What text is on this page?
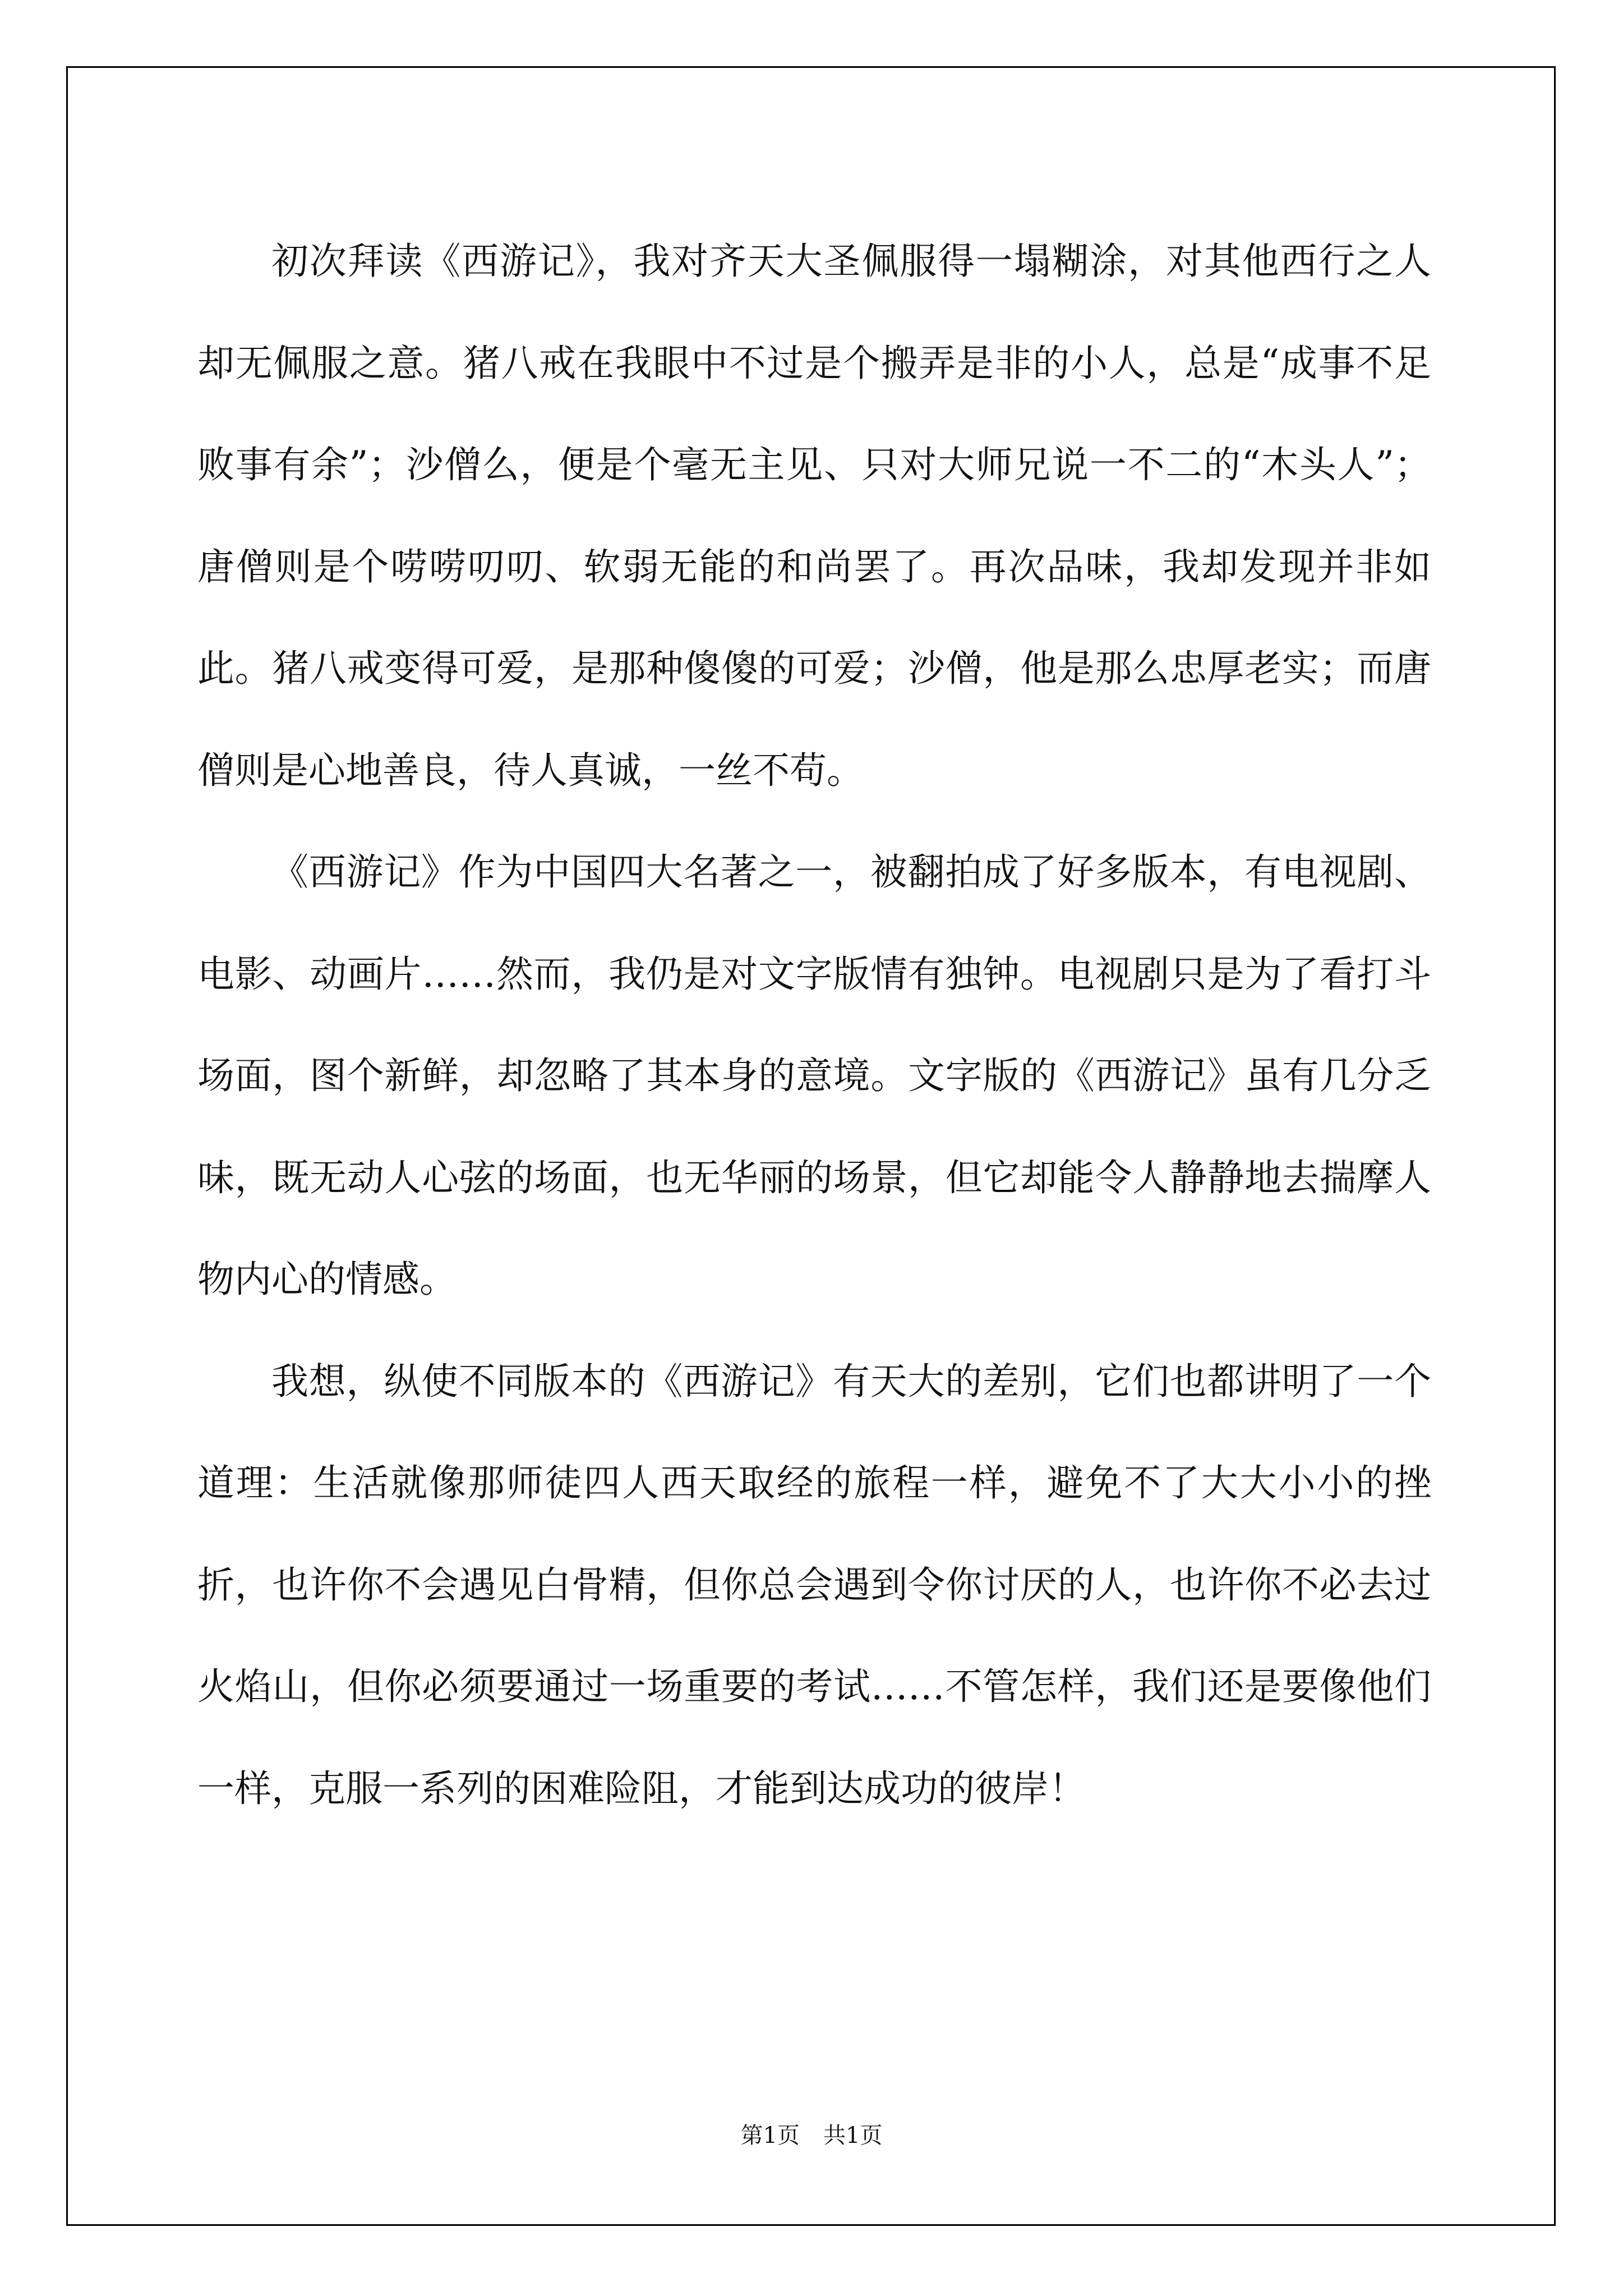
初次拜读《西游记》，我对齐天大圣佩服得一塌糊涂，对其他西行之人却无佩服之意。猪八戒在我眼中不过是个搬弄是非的小人，总是“成事不足败事有余”；沙僧么，便是个毫无主见、只对大师兄说一不二的“木头人”；唐僧则是个唠唠叨叨、软弱无能的和尚罢了。再次品味，我却发现并非如此。猪八戒变得可爱，是那种傻傻的可爱；沙僧，他是那么忠厚老实；而唐僧则是心地善良，待人真诚，一丝不苟。

《西游记》作为中国四大名著之一，被翻拍成了好多版本，有电视剧、电影、动画片……然而，我仍是对文字版情有独钟。电视剧只是为了看打斗场面，图个新鲜，却忽略了其本身的意境。文字版的《西游记》虽有几分乏味，既无动人心弦的场面，也无华丽的场景，但它却能令人静静地去揣摩人物内心的情感。

我想，纵使不同版本的《西游记》有天大的差别，它们也都讲明了一个道理：生活就像那师徒四人西天取经的旅程一样，避免不了大大小小的挫折，也许你不会遇见白骨精，但你总会遇到令你讨厌的人，也许你不必去过火焰山，但你必须要通过一场重要的考试……不管怎样，我们还是要像他们一样，克服一系列的困难险阻，才能到达成功的彼岸！

第1页 共1页
